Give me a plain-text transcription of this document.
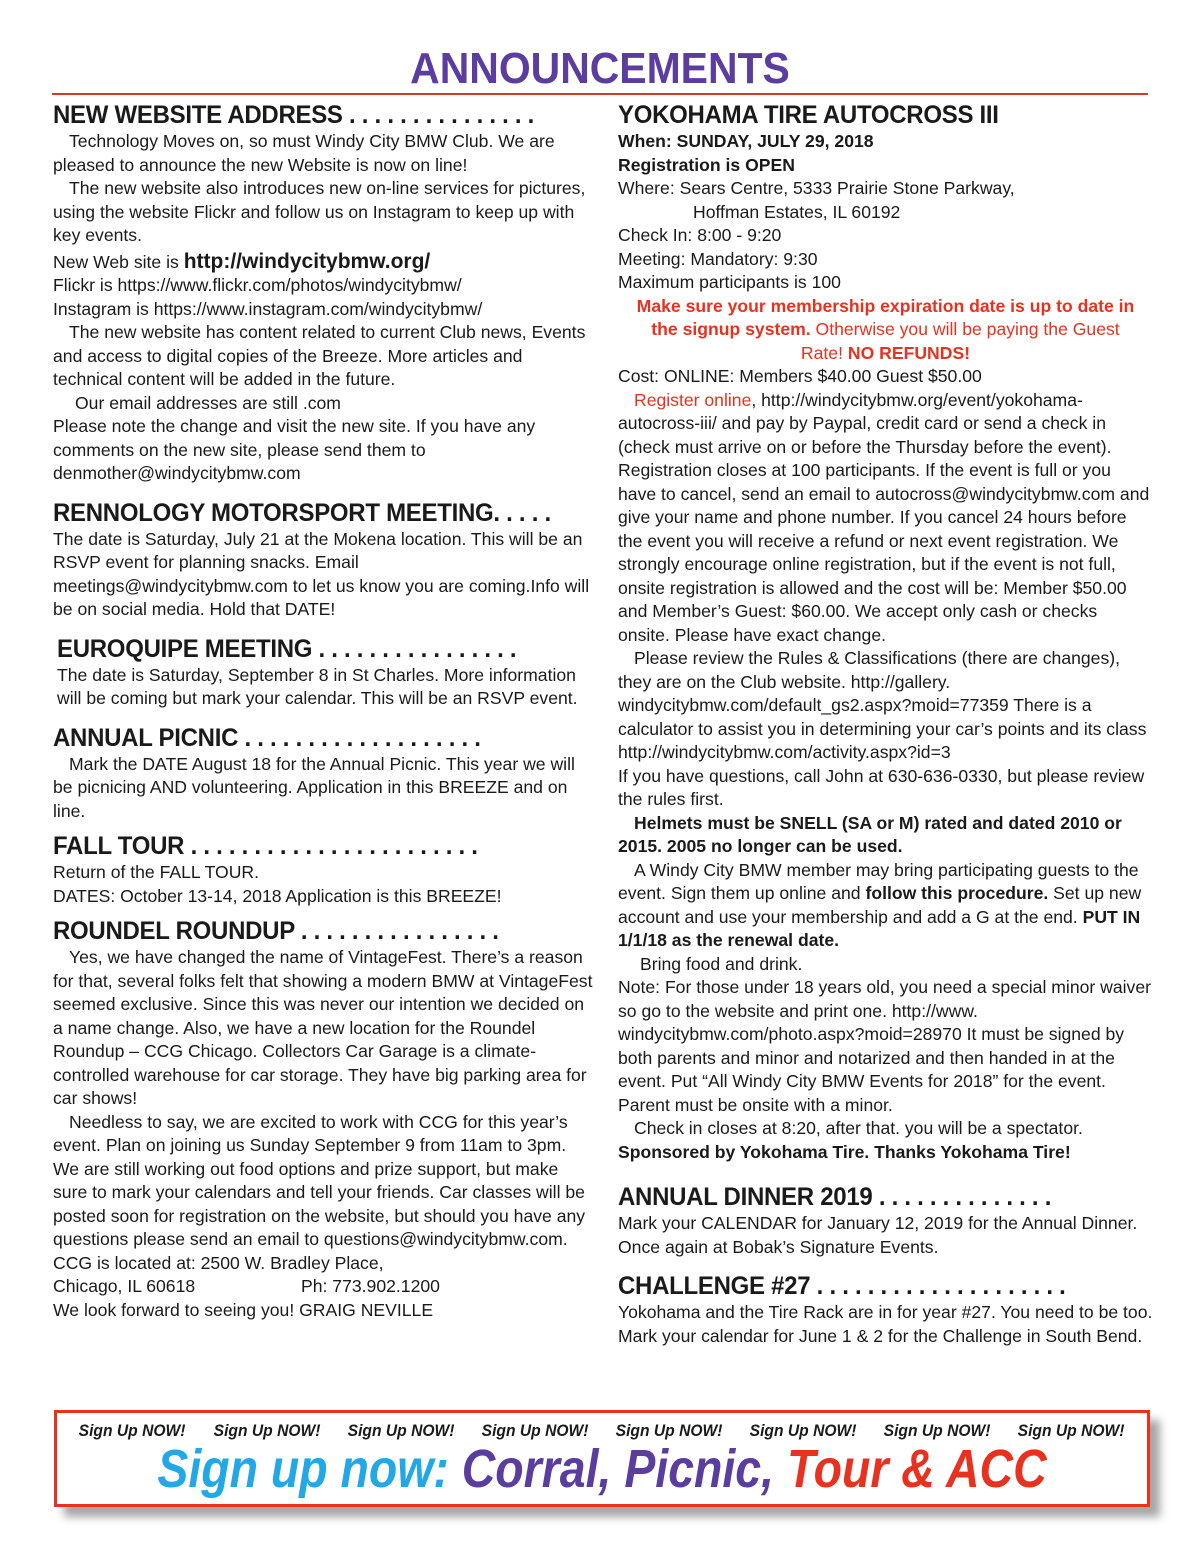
ANNOUNCEMENTS
NEW WEBSITE ADDRESS . . . . . . . . . . . . . . .

Technology Moves on, so must Windy City BMW Club. We are pleased to announce the new Website is now on line!

The new website also introduces new on-line services for pictures, using the website Flickr and follow us on Instagram to keep up with key events.

New Web site is http://windycitybmw.org/

Flickr is https://www.flickr.com/photos/windycitybmw/

Instagram is https://www.instagram.com/windycitybmw/

The new website has content related to current Club news, Events and access to digital copies of the Breeze. More articles and technical content will be added in the future.

Our email addresses are still .com

Please note the change and visit the new site. If you have any comments on the new site, please send them to denmother@windycitybmw.com

RENNOLOGY MOTORSPORT MEETING. . . . .

The date is Saturday, July 21 at the Mokena location. This will be an RSVP event for planning snacks. Email meetings@windycitybmw.com to let us know you are coming.Info will be on social media. Hold that DATE!

EUROQUIPE MEETING . . . . . . . . . . . . . . . .

The date is Saturday, September 8 in St Charles. More information will be coming but mark your calendar. This will be an RSVP event.

ANNUAL PICNIC . . . . . . . . . . . . . . . . . . .

Mark the DATE August 18 for the Annual Picnic. This year we will be picnicing AND volunteering. Application in this BREEZE and on line.

FALL TOUR . . . . . . . . . . . . . . . . . . . . . . .

Return of the FALL TOUR.

DATES: October 13-14, 2018 Application is this BREEZE!

ROUNDEL ROUNDUP . . . . . . . . . . . . . . . .

Yes, we have changed the name of VintageFest. There’s a reason for that, several folks felt that showing a modern BMW at VintageFest seemed exclusive. Since this was never our intention we decided on a name change. Also, we have a new location for the Roundel Roundup – CCG Chicago. Collectors Car Garage is a climate-controlled warehouse for car storage. They have big parking area for car shows!

Needless to say, we are excited to work with CCG for this year’s event. Plan on joining us Sunday September 9 from 11am to 3pm. We are still working out food options and prize support, but make sure to mark your calendars and tell your friends. Car classes will be posted soon for registration on the website, but should you have any questions please send an email to questions@windycitybmw.com.

CCG is located at: 2500 W. Bradley Place,

Chicago, IL 60618	Ph: 773.902.1200

We look forward to seeing you! GRAIG NEVILLE

YOKOHAMA TIRE AUTOCROSS III

When: SUNDAY, JULY 29, 2018

Registration is OPEN

Where: Sears Centre, 5333 Prairie Stone Parkway,

Hoffman Estates, IL 60192

Check In: 8:00 - 9:20

Meeting: Mandatory: 9:30

Maximum participants is 100

Make sure your membership expiration date is up to date in the signup system. Otherwise you will be paying the Guest Rate! NO REFUNDS!

Cost: ONLINE: Members $40.00 Guest $50.00

Register online, http://windycitybmw.org/event/yokohama-autocross-iii/ and pay by Paypal, credit card or send a check in (check must arrive on or before the Thursday before the event). Registration closes at 100 participants. If the event is full or you have to cancel, send an email to autocross@windycitybmw.com and give your name and phone number. If you cancel 24 hours before the event you will receive a refund or next event registration. We strongly encourage online registration, but if the event is not full, onsite registration is allowed and the cost will be: Member $50.00 and Member’s Guest: $60.00. We accept only cash or checks onsite. Please have exact change.

Please review the Rules & Classifications (there are changes), they are on the Club website. http://gallery. windycitybmw.com/default_gs2.aspx?moid=77359 There is a calculator to assist you in determining your car’s points and its class http://windycitybmw.com/activity.aspx?id=3

If you have questions, call John at 630-636-0330, but please review the rules first.

Helmets must be SNELL (SA or M) rated and dated 2010 or 2015. 2005 no longer can be used.

A Windy City BMW member may bring participating guests to the event. Sign them up online and follow this procedure. Set up new account and use your membership and add a G at the end. PUT IN 1/1/18 as the renewal date.

Bring food and drink.

Note: For those under 18 years old, you need a special minor waiver so go to the website and print one. http://www. windycitybmw.com/photo.aspx?moid=28970 It must be signed by both parents and minor and notarized and then handed in at the event. Put “All Windy City BMW Events for 2018” for the event. Parent must be onsite with a minor.

Check in closes at 8:20, after that. you will be a spectator.

Sponsored by Yokohama Tire. Thanks Yokohama Tire!

ANNUAL DINNER 2019 . . . . . . . . . . . . . .

Mark your CALENDAR for January 12, 2019 for the Annual Dinner. Once again at Bobak’s Signature Events.

CHALLENGE #27 . . . . . . . . . . . . . . . . . . . .

Yokohama and the Tire Rack are in for year #27. You need to be too. Mark your calendar for June 1 & 2 for the Challenge in South Bend.

Sign Up NOW! Sign Up NOW! Sign Up NOW! Sign Up NOW! Sign Up NOW! Sign Up NOW! Sign Up NOW! Sign Up NOW!
Sign up now: Corral, Picnic, Tour & ACC
